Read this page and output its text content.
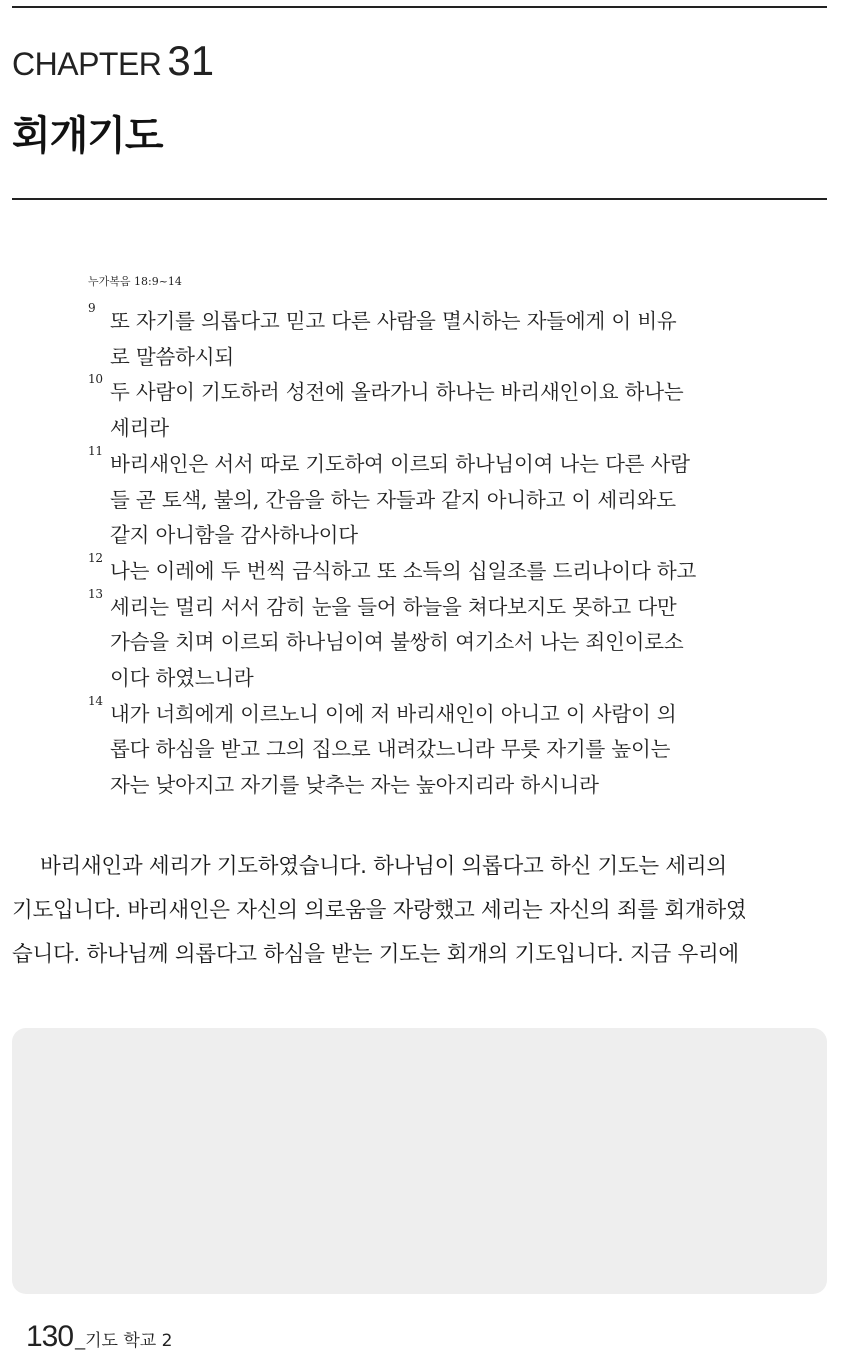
CHAPTER 31
회개기도
누가복음 18:9~14
9
또 자기를 의롭다고 믿고 다른 사람을 멸시하는 자들에게 이 비유
로 말씀하시되
10
두 사람이 기도하러 성전에 올라가니 하나는 바리새인이요 하나는
세리라
11
바리새인은 서서 따로 기도하여 이르되 하나님이여 나는 다른 사람
들 곧 토색, 불의, 간음을 하는 자들과 같지 아니하고 이 세리와도
같지 아니함을 감사하나이다
12
나는 이레에 두 번씩 금식하고 또 소득의 십일조를 드리나이다 하고
13
세리는 멀리 서서 감히 눈을 들어 하늘을 쳐다보지도 못하고 다만
가슴을 치며 이르되 하나님이여 불쌍히 여기소서 나는 죄인이로소
이다 하였느니라
14
내가 너희에게 이르노니 이에 저 바리새인이 아니고 이 사람이 의
롭다 하심을 받고 그의 집으로 내려갔느니라 무릇 자기를 높이는
자는 낮아지고 자기를 낮추는 자는 높아지리라 하시니라
바리새인과 세리가 기도하였습니다. 하나님이 의롭다고 하신 기도는 세리의
기도입니다. 바리새인은 자신의 의로움을 자랑했고 세리는 자신의 죄를 회개하였
습니다. 하나님께 의롭다고 하심을 받는 기도는 회개의 기도입니다. 지금 우리에
130 _기도 학교 2
